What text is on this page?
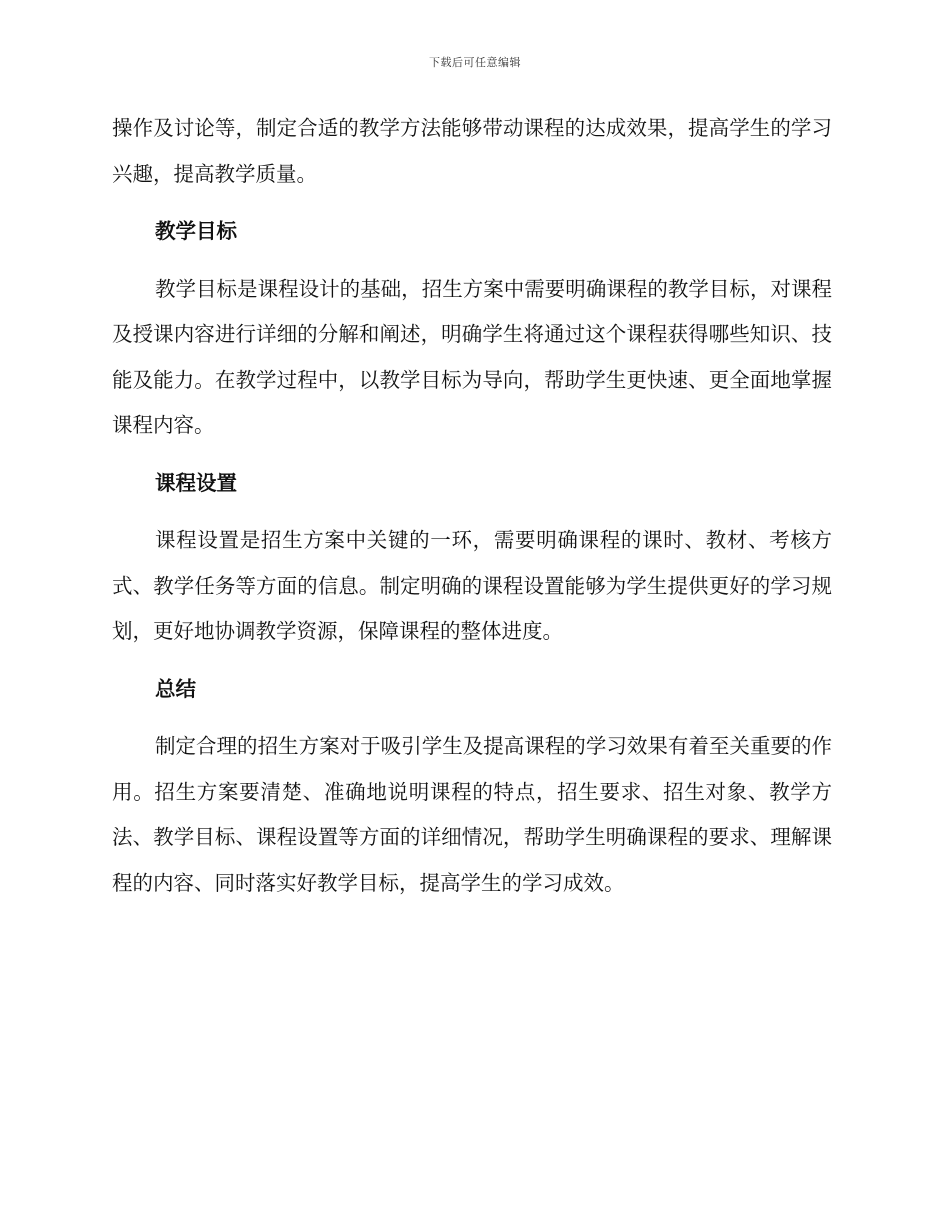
下载后可任意编辑

操作及讨论等，制定合适的教学方法能够带动课程的达成效果，提高学生的学习兴趣，提高教学质量。

教学目标

教学目标是课程设计的基础，招生方案中需要明确课程的教学目标，对课程及授课内容进行详细的分解和阐述，明确学生将通过这个课程获得哪些知识、技能及能力。在教学过程中，以教学目标为导向，帮助学生更快速、更全面地掌握课程内容。

课程设置

课程设置是招生方案中关键的一环，需要明确课程的课时、教材、考核方式、教学任务等方面的信息。制定明确的课程设置能够为学生提供更好的学习规划，更好地协调教学资源，保障课程的整体进度。

总结

制定合理的招生方案对于吸引学生及提高课程的学习效果有着至关重要的作用。招生方案要清楚、准确地说明课程的特点，招生要求、招生对象、教学方法、教学目标、课程设置等方面的详细情况，帮助学生明确课程的要求、理解课程的内容、同时落实好教学目标，提高学生的学习成效。
